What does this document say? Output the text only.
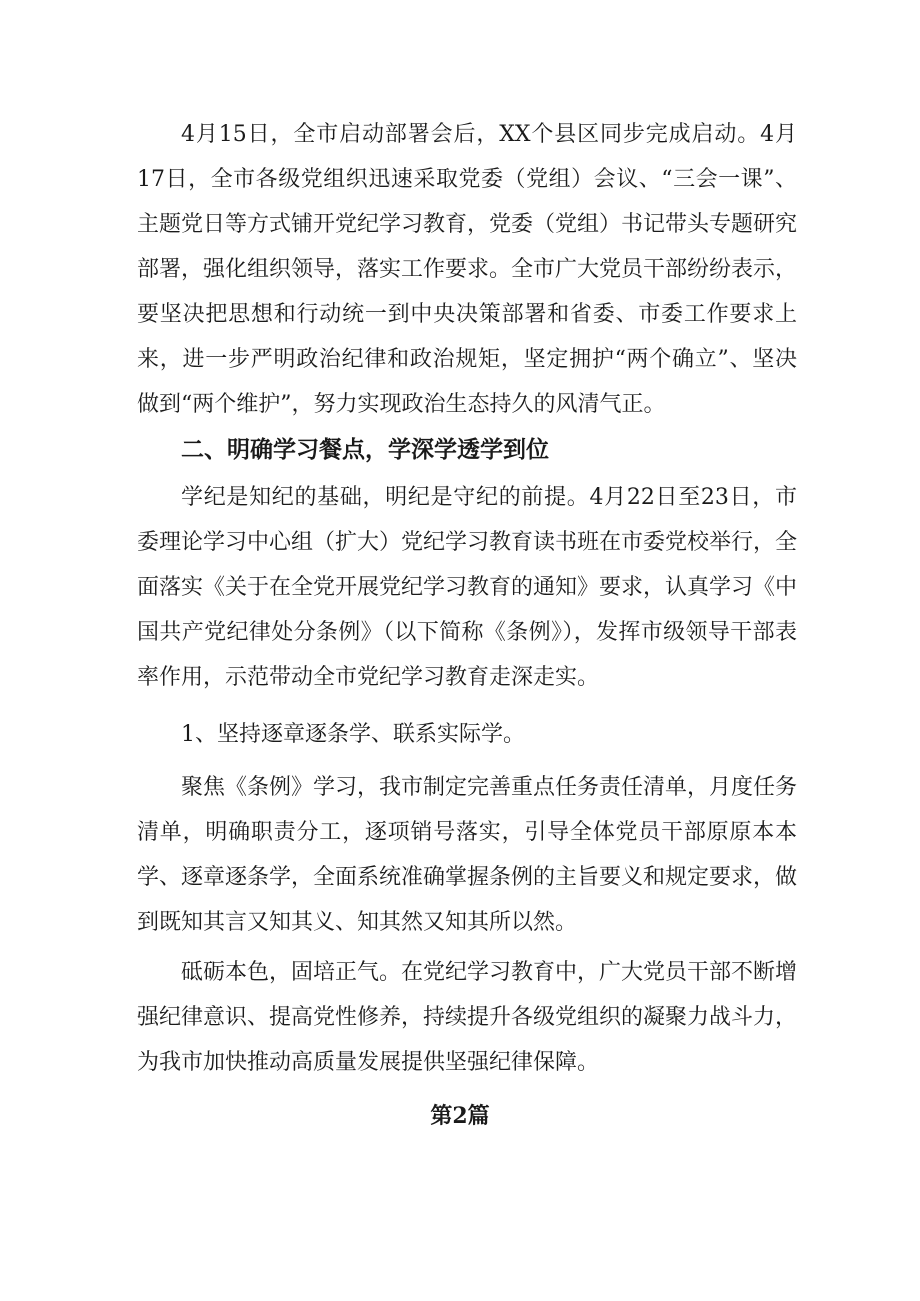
4月15日，全市启动部署会后，XX个县区同步完成启动。4月17日，全市各级党组织迅速采取党委（党组）会议、“三会一课”、主题党日等方式铺开党纪学习教育，党委（党组）书记带头专题研究部署，强化组织领导，落实工作要求。全市广大党员干部纷纷表示，要坚决把思想和行动统一到中央决策部署和省委、市委工作要求上来，进一步严明政治纪律和政治规矩，坚定拥护“两个确立”、坚决做到“两个维护”，努力实现政治生态持久的风清气正。

二、明确学习餐点，学深学透学到位

学纪是知纪的基础，明纪是守纪的前提。4月22日至23日，市委理论学习中心组（扩大）党纪学习教育读书班在市委党校举行，全面落实《关于在全党开展党纪学习教育的通知》要求，认真学习《中国共产党纪律处分条例》（以下简称《条例》），发挥市级领导干部表率作用，示范带动全市党纪学习教育走深走实。

1、坚持逐章逐条学、联系实际学。

聚焦《条例》学习，我市制定完善重点任务责任清单，月度任务清单，明确职责分工，逐项销号落实，引导全体党员干部原原本本学、逐章逐条学，全面系统准确掌握条例的主旨要义和规定要求，做到既知其言又知其义、知其然又知其所以然。

砥砺本色，固培正气。在党纪学习教育中，广大党员干部不断增强纪律意识、提高党性修养，持续提升各级党组织的凝聚力战斗力，为我市加快推动高质量发展提供坚强纪律保障。

第2篇
